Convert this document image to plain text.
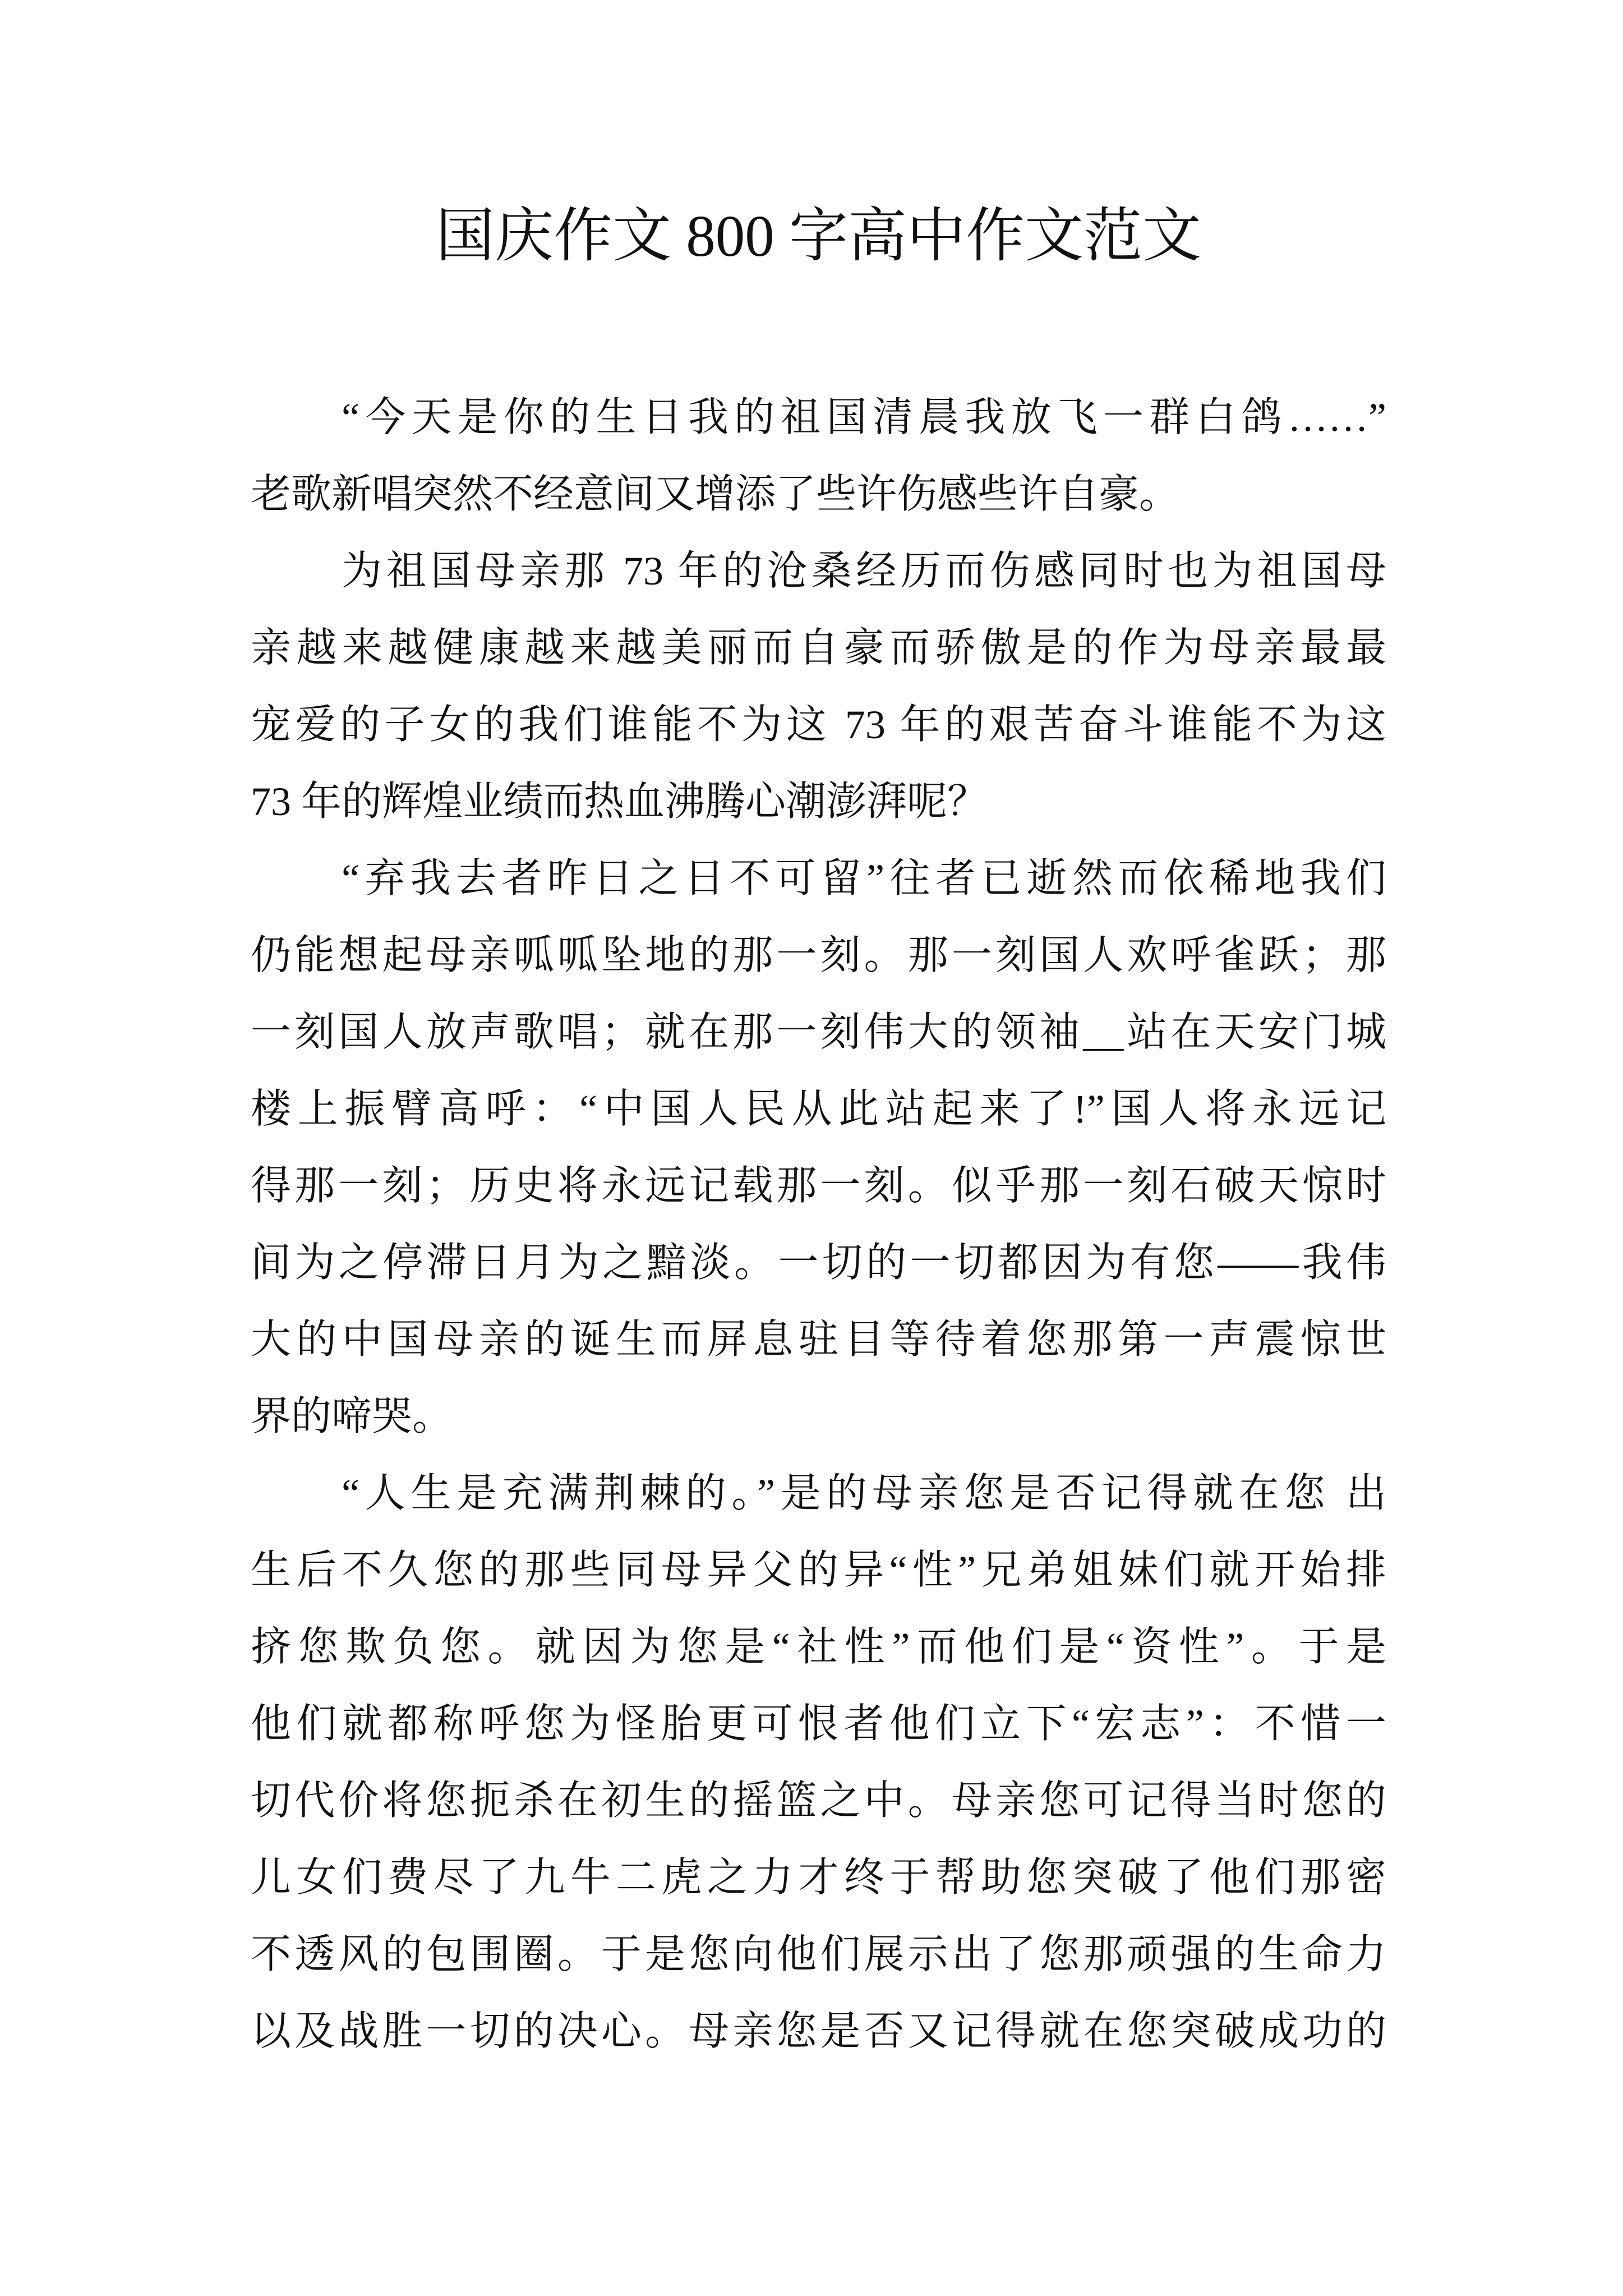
国庆作文 800 字高中作文范文
“今天是你的生日我的祖国清晨我放飞一群白鸽……”
老歌新唱突然不经意间又增添了些许伤感些许自豪。
为祖国母亲那 73 年的沧桑经历而伤感同时也为祖国母
亲越来越健康越来越美丽而自豪而骄傲是的作为母亲最最
宠爱的子女的我们谁能不为这 73 年的艰苦奋斗谁能不为这
73 年的辉煌业绩而热血沸腾心潮澎湃呢？
“弃我去者昨日之日不可留”往者已逝然而依稀地我们
仍能想起母亲呱呱坠地的那一刻。那一刻国人欢呼雀跃；那
一刻国人放声歌唱；就在那一刻伟大的领袖__站在天安门城
楼上振臂高呼：“中国人民从此站起来了!”国人将永远记
得那一刻；历史将永远记载那一刻。似乎那一刻石破天惊时
间为之停滞日月为之黯淡。一切的一切都因为有您——我伟
大的中国母亲的诞生而屏息驻目等待着您那第一声震惊世
界的啼哭。
“人生是充满荆棘的。”是的母亲您是否记得就在您 出
生后不久您的那些同母异父的异“性”兄弟姐妹们就开始排
挤您欺负您。就因为您是“社性”而他们是“资性”。于是
他们就都称呼您为怪胎更可恨者他们立下“宏志”：不惜一
切代价将您扼杀在初生的摇篮之中。母亲您可记得当时您的
儿女们费尽了九牛二虎之力才终于帮助您突破了他们那密
不透风的包围圈。于是您向他们展示出了您那顽强的生命力
以及战胜一切的决心。母亲您是否又记得就在您突破成功的
